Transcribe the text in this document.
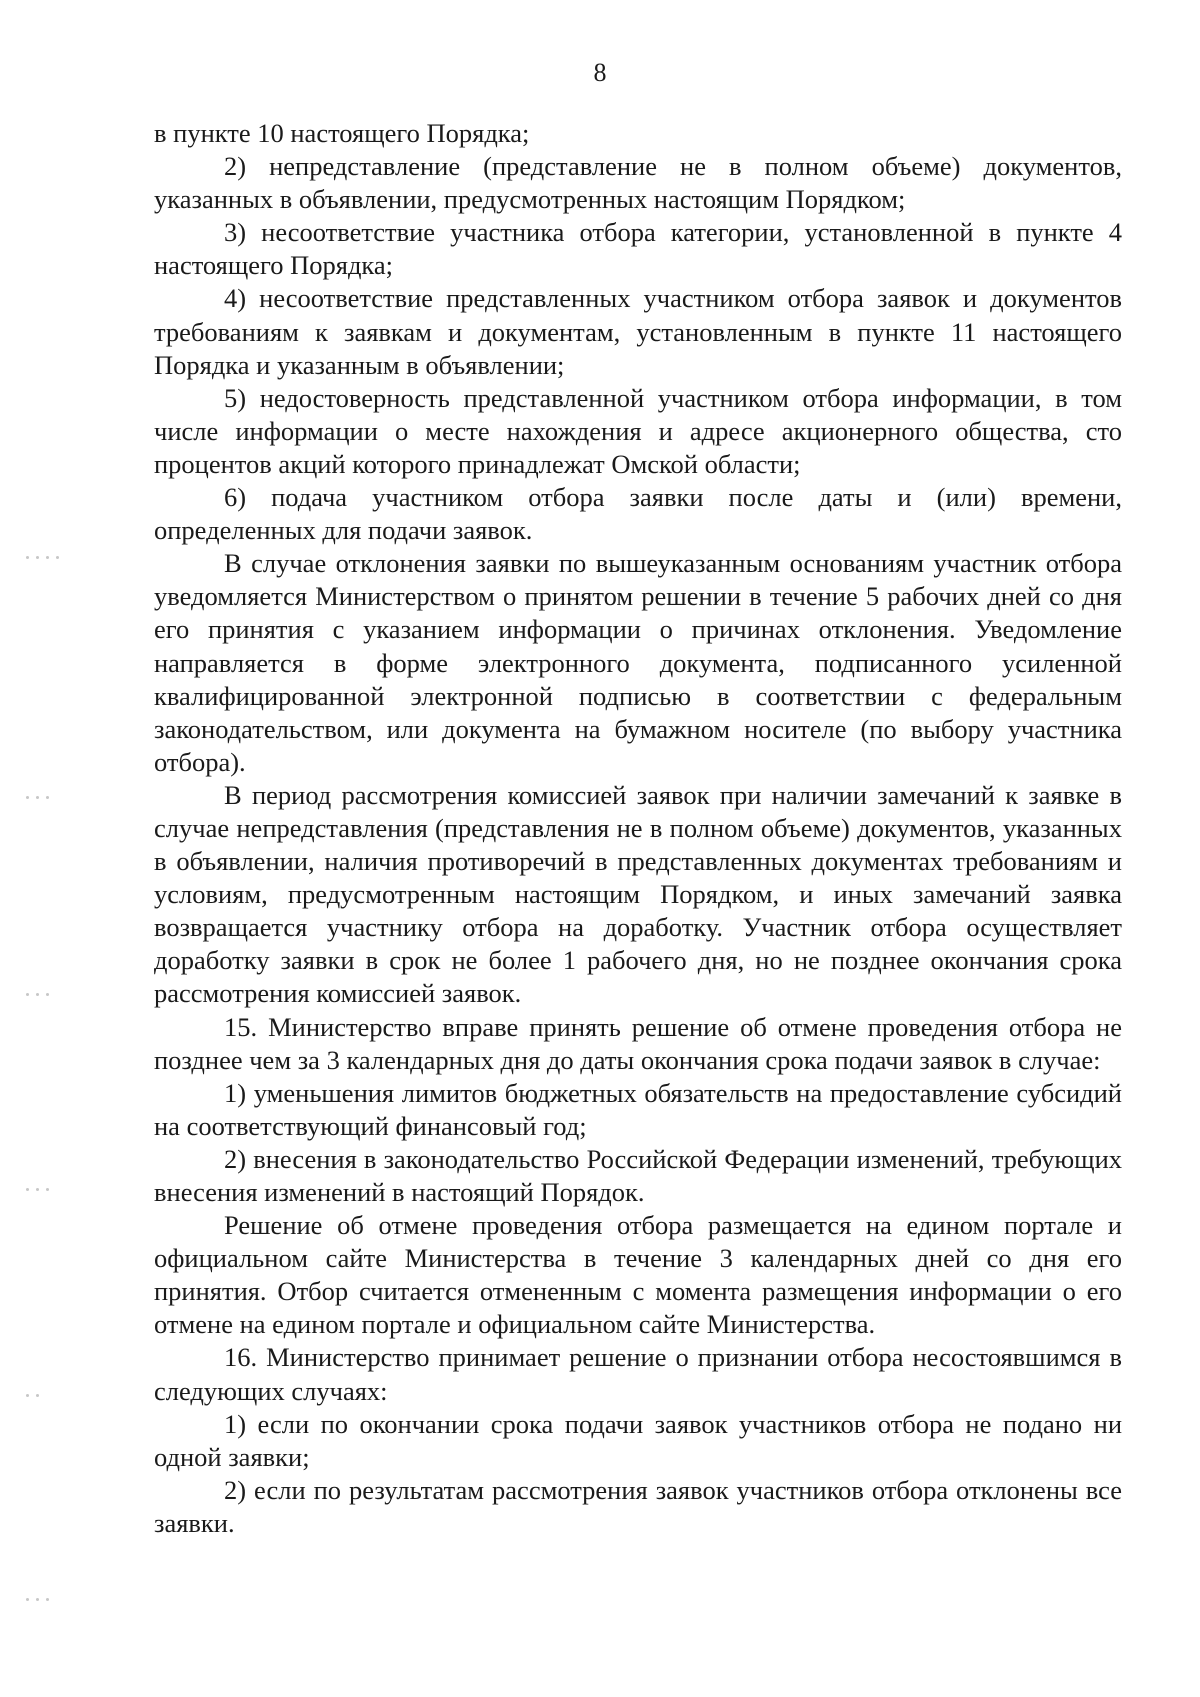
8

в пункте 10 настоящего Порядка;

2) непредставление (представление не в полном объеме) документов, указанных в объявлении, предусмотренных настоящим Порядком;

3) несоответствие участника отбора категории, установленной в пункте 4 настоящего Порядка;

4) несоответствие представленных участником отбора заявок и документов требованиям к заявкам и документам, установленным в пункте 11 настоящего Порядка и указанным в объявлении;

5) недостоверность представленной участником отбора информации, в том числе информации о месте нахождения и адресе акционерного общества, сто процентов акций которого принадлежат Омской области;

6) подача участником отбора заявки после даты и (или) времени, определенных для подачи заявок.

В случае отклонения заявки по вышеуказанным основаниям участник отбора уведомляется Министерством о принятом решении в течение 5 рабочих дней со дня его принятия с указанием информации о причинах отклонения. Уведомление направляется в форме электронного документа, подписанного усиленной квалифицированной электронной подписью в соответствии с федеральным законодательством, или документа на бумажном носителе (по выбору участника отбора).

В период рассмотрения комиссией заявок при наличии замечаний к заявке в случае непредставления (представления не в полном объеме) документов, указанных в объявлении, наличия противоречий в представленных документах требованиям и условиям, предусмотренным настоящим Порядком, и иных замечаний заявка возвращается участнику отбора на доработку. Участник отбора осуществляет доработку заявки в срок не более 1 рабочего дня, но не позднее окончания срока рассмотрения комиссией заявок.

15. Министерство вправе принять решение об отмене проведения отбора не позднее чем за 3 календарных дня до даты окончания срока подачи заявок в случае:

1) уменьшения лимитов бюджетных обязательств на предоставление субсидий на соответствующий финансовый год;

2) внесения в законодательство Российской Федерации изменений, требующих внесения изменений в настоящий Порядок.

Решение об отмене проведения отбора размещается на едином портале и официальном сайте Министерства в течение 3 календарных дней со дня его принятия. Отбор считается отмененным с момента размещения информации о его отмене на едином портале и официальном сайте Министерства.

16. Министерство принимает решение о признании отбора несостоявшимся в следующих случаях:

1) если по окончании срока подачи заявок участников отбора не подано ни одной заявки;

2) если по результатам рассмотрения заявок участников отбора отклонены все заявки.
